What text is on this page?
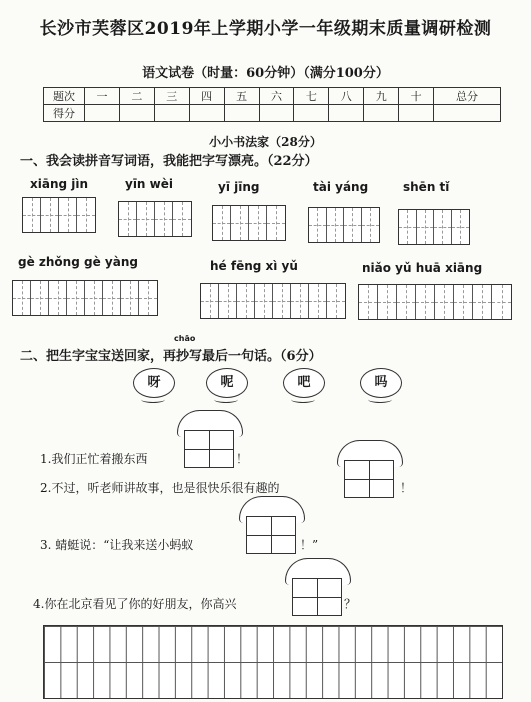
长沙市芙蓉区2019年上学期小学一年级期末质量调研检测
语文试卷（时量：60分钟）（满分100分）
题次	一	二	三	四	五	六	七	八	九	十	总分
得分											
小小书法家（28分）
一、我会读拼音写词语，我能把字写漂亮。（22分）
xiāng jìn	yīn wèi	yī jīng	tài yáng	shēn tǐ
gè zhǒng gè yàng	hé fēng xì yǔ	niǎo yǔ huā xiāng
二、把生字宝宝送回家，再
chāo
抄写最后一句话。（6分）
呀	呢	吧	吗
1.我们正忙着搬东西	！
2.不过，听老师讲故事，也是很快乐很有趣的	！
3. 蜻蜓说：“让我来送小蚂蚁	！”
4.你在北京看见了你的好朋友，你高兴	？
